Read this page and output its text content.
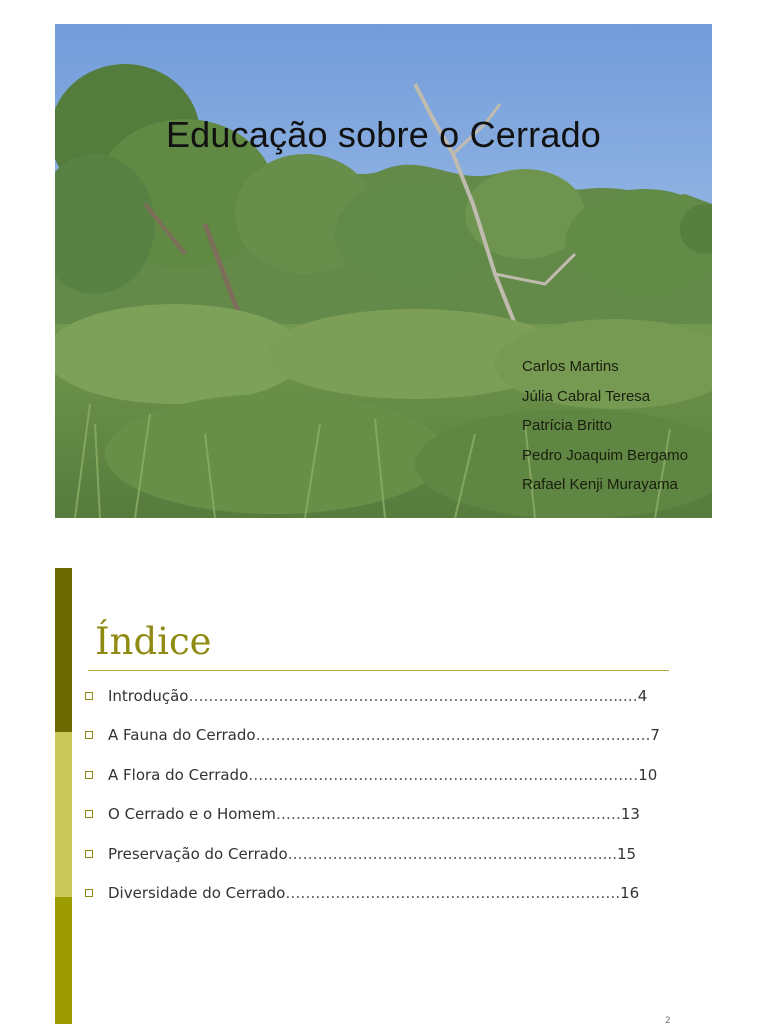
Educação sobre o Cerrado
Carlos Martins
Júlia Cabral Teresa
Patrícia Britto
Pedro Joaquim Bergamo
Rafael Kenji Murayama
Índice
Introdução…………………………………………………………………………...…4
A Fauna do Cerrado…………………………………………………………………….7
A Flora do Cerrado……………………………………………………………………10
O Cerrado e o Homem……………………………………………………………13
Preservação do Cerrado………………………………………………………...15
Diversidade do Cerrado………………………………………………………….16
2
